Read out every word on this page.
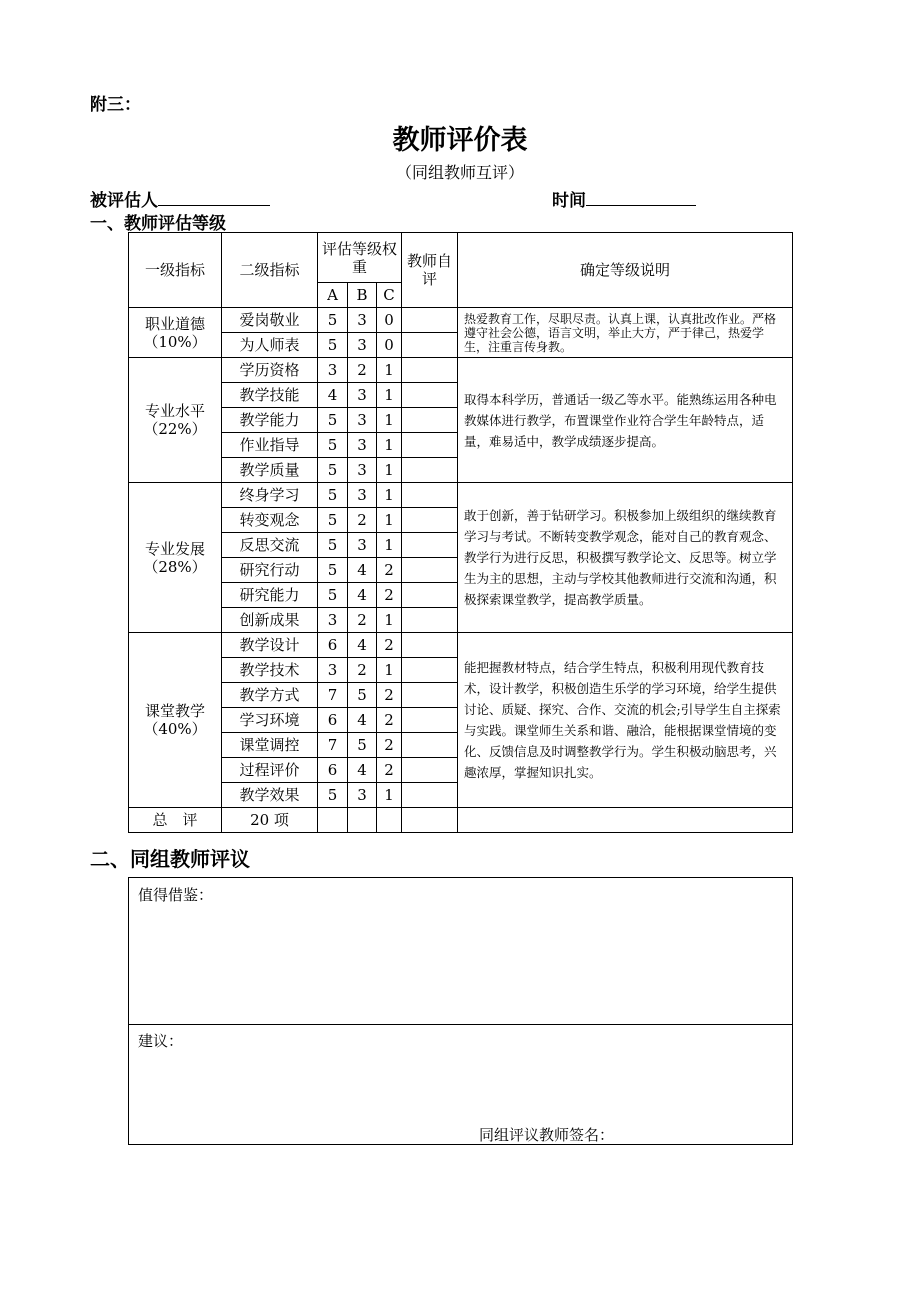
附三：
教师评价表
（同组教师互评）
被评估人	时间
一、教师评估等级
一级指标	二级指标	评估等级权重			教师自评	确定等级说明
		A	B	C		

职业道德
（10%）	爱岗敬业	5	3	0		热爱教育工作，尽职尽责。认真上课，认真批改作业。严格遵守社会公德，语言文明，举止大方，严于律己，热爱学生，注重言传身教。
	为人师表	5	3	0		

专业水平
（22%）	学历资格	3	2	1		取得本科学历，普通话一级乙等水平。能熟练运用各种电教媒体进行教学，布置课堂作业符合学生年龄特点，适量，难易适中，教学成绩逐步提高。
	教学技能	4	3	1		
	教学能力	5	3	1		
	作业指导	5	3	1		
	教学质量	5	3	1		

专业发展
（28%）	终身学习	5	3	1		敢于创新，善于钻研学习。积极参加上级组织的继续教育学习与考试。不断转变教学观念，能对自己的教育观念、教学行为进行反思，积极撰写教学论文、反思等。树立学生为主的思想，主动与学校其他教师进行交流和沟通，积极探索课堂教学，提高教学质量。
	转变观念	5	2	1		
	反思交流	5	3	1		
	研究行动	5	4	2		
	研究能力	5	4	2		
	创新成果	3	2	1		

课堂教学
（40%）	教学设计	6	4	2		能把握教材特点，结合学生特点，积极利用现代教育技术，设计教学，积极创造生乐学的学习环境，给学生提供讨论、质疑、探究、合作、交流的机会;引导学生自主探索与实践。课堂师生关系和谐、融洽，能根据课堂情境的变化、反馈信息及时调整教学行为。学生积极动脑思考，兴趣浓厚，掌握知识扎实。
	教学技术	3	2	1		
	教学方式	7	5	2		
	学习环境	6	4	2		
	课堂调控	7	5	2		
	过程评价	6	4	2		
	教学效果	5	3	1		
总　评	20 项					
二、同组教师评议
值得借鉴：
建议：
同组评议教师签名：
